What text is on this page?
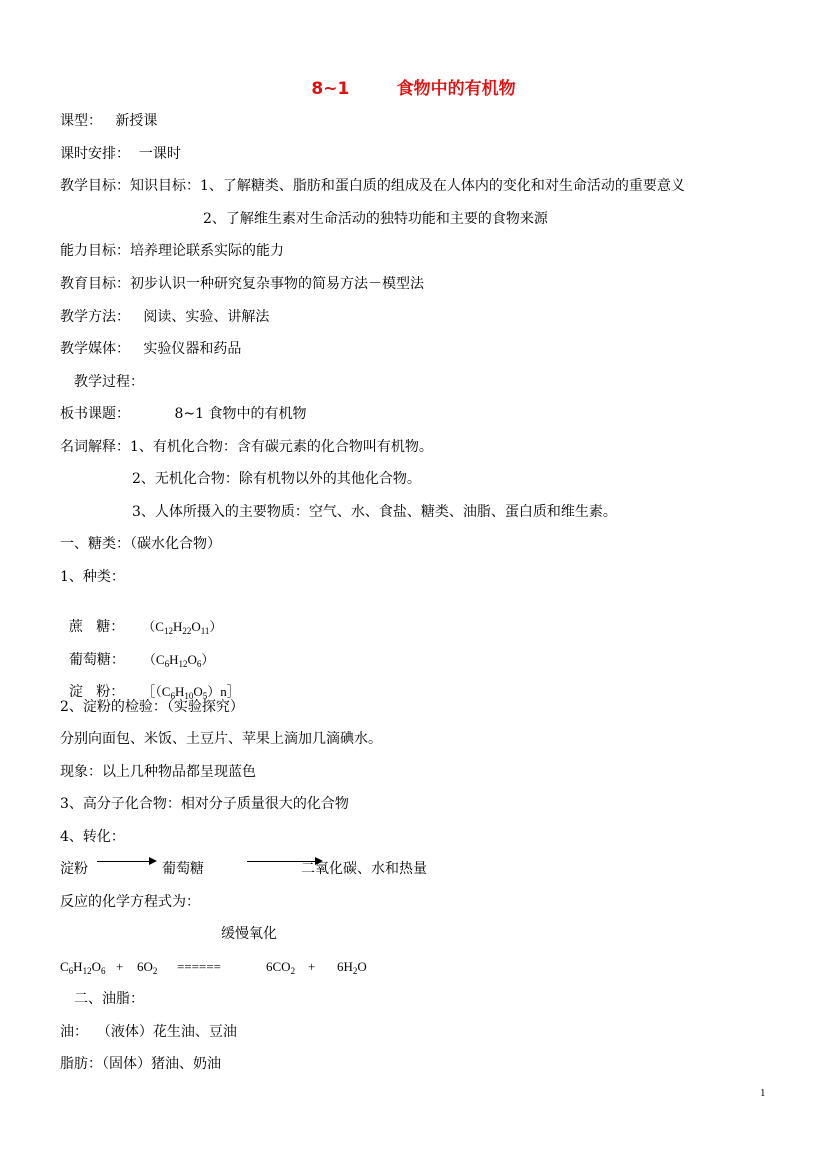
8~1        食物中的有机物
课型：   新授课
课时安排：  一课时
教学目标：知识目标：1、了解糖类、脂肪和蛋白质的组成及在人体内的变化和对生命活动的重要意义
2、了解维生素对生命活动的独特功能和主要的食物来源
能力目标：培养理论联系实际的能力
教育目标：初步认识一种研究复杂事物的简易方法－模型法
教学方法：   阅读、实验、讲解法
教学媒体：   实验仪器和药品
教学过程：
板书课题：          8~1 食物中的有机物
名词解释：1、有机化合物：含有碳元素的化合物叫有机物。
2、无机化合物：除有机物以外的其他化合物。
3、人体所摄入的主要物质：空气、水、食盐、糖类、油脂、蛋白质和维生素。
一、糖类：（碳水化合物）
1、种类：

蔗   糖： $(C_{12}H_{22}O_{11})$

葡萄糖： $(C_6H_{12}O_6)$

淀   粉： $[(C_6H_{10}O_5)n]$

2、淀粉的检验：（实验探究）
分别向面包、米饭、土豆片、苹果上滴加几滴碘水。
现象：以上几种物品都呈现蓝色
3、高分子化合物：相对分子质量很大的化合物
4、转化：
淀粉	葡萄糖	二氧化碳、水和热量
反应的化学方程式为：
缓慢氧化
$C_6H_{12}O_6 + 6O_2$ ======	$6CO_2 + 6H_2O$
二、油脂：
油：  （液体）花生油、豆油
脂肪：（固体）猪油、奶油
1
